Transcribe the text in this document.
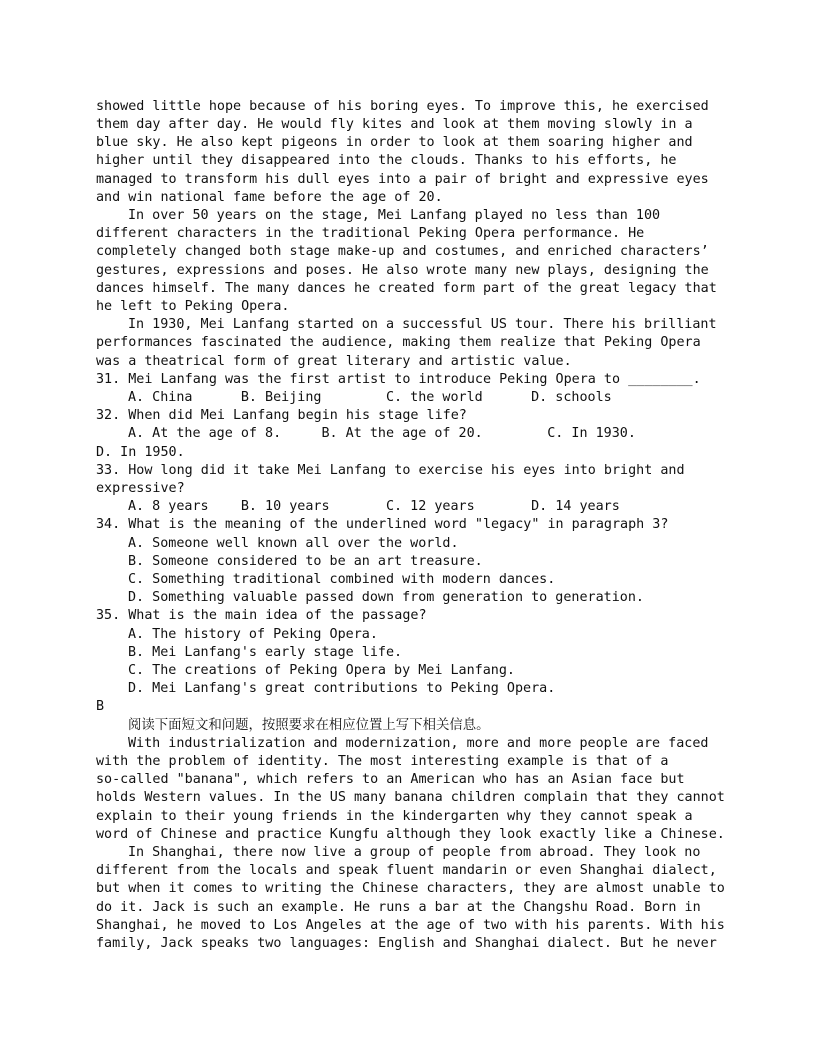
showed little hope because of his boring eyes. To improve this, he exercised
them day after day. He would fly kites and look at them moving slowly in a
blue sky. He also kept pigeons in order to look at them soaring higher and
higher until they disappeared into the clouds. Thanks to his efforts, he
managed to transform his dull eyes into a pair of bright and expressive eyes
and win national fame before the age of 20.
In over 50 years on the stage, Mei Lanfang played no less than 100
different characters in the traditional Peking Opera performance. He
completely changed both stage make-up and costumes, and enriched characters’
gestures, expressions and poses. He also wrote many new plays, designing the
dances himself. The many dances he created form part of the great legacy that
he left to Peking Opera.
In 1930, Mei Lanfang started on a successful US tour. There his brilliant
performances fascinated the audience, making them realize that Peking Opera
was a theatrical form of great literary and artistic value.
31. Mei Lanfang was the first artist to introduce Peking Opera to ________.
A. China      B. Beijing        C. the world      D. schools
32. When did Mei Lanfang begin his stage life?
A. At the age of 8.     B. At the age of 20.        C. In 1930.
D. In 1950.
33. How long did it take Mei Lanfang to exercise his eyes into bright and
expressive?
A. 8 years    B. 10 years       C. 12 years       D. 14 years
34. What is the meaning of the underlined word "legacy" in paragraph 3?
A. Someone well known all over the world.
B. Someone considered to be an art treasure.
C. Something traditional combined with modern dances.
D. Something valuable passed down from generation to generation.
35. What is the main idea of the passage?
A. The history of Peking Opera.
B. Mei Lanfang's early stage life.
C. The creations of Peking Opera by Mei Lanfang.
D. Mei Lanfang's great contributions to Peking Opera.
B
阅读下面短文和问题，按照要求在相应位置上写下相关信息。
With industrialization and modernization, more and more people are faced
with the problem of identity. The most interesting example is that of a
so-called "banana", which refers to an American who has an Asian face but
holds Western values. In the US many banana children complain that they cannot
explain to their young friends in the kindergarten why they cannot speak a
word of Chinese and practice Kungfu although they look exactly like a Chinese.
In Shanghai, there now live a group of people from abroad. They look no
different from the locals and speak fluent mandarin or even Shanghai dialect,
but when it comes to writing the Chinese characters, they are almost unable to
do it. Jack is such an example. He runs a bar at the Changshu Road. Born in
Shanghai, he moved to Los Angeles at the age of two with his parents. With his
family, Jack speaks two languages: English and Shanghai dialect. But he never
